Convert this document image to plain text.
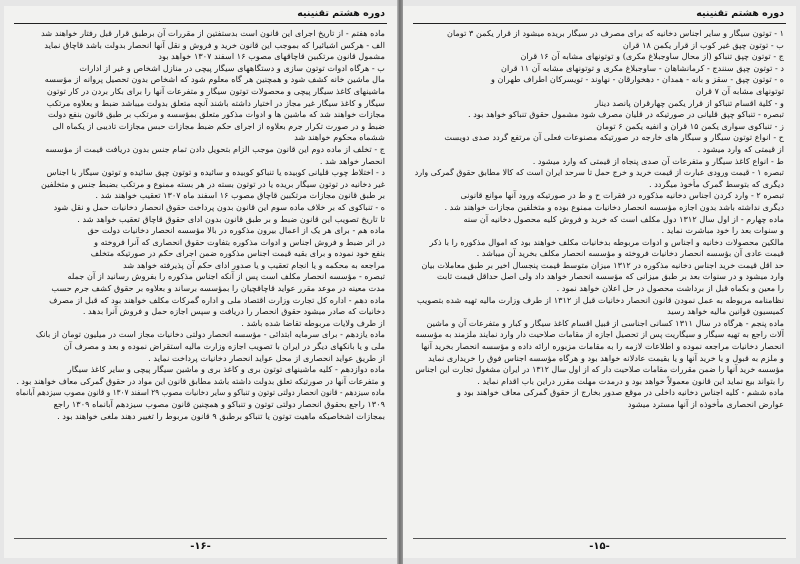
دوره هشتم تقنینیه
ماده هفتم - از تاریخ اجرای این قانون است بدستفتین از مقررات آن برطبق قرار قبل رفتار خواهند شد
الف - هرکس اشیائیرا که بموجب این قانون خرید و فروش و نقل آنها انحصار بدولت باشد قاچاق نماید
مشمول قانون مرتکبین قاچاقهای مصوب ۱۶ اسفند ۱۳۰۷ خواهد بود
ب - هرگاه ادوات توتون سازی و دستگاههای سیگار پیچی در منازل اشخاص و غیر از ادارات
مال ماشین خانه کشف شود و همچنین هر گاه معلوم شود که اشخاص بدون تحصیل پروانه از مؤسسه
ماشینهای کاغذ سیگار پیچی و محصولات توتون سیگار و متفرعات آنها را برای بکار بردن در کار توتون
سیگار و کاغذ سیگار غیر مجاز در اختیار داشته باشند آنچه متعلق بدولت میباشد ضبط و بعلاوه مرتکب
مجازات خواهند شد که ماشین ها و ادوات مذکور متعلق بمؤسسه و مرتکب بر طبق قانون بنفع دولت
ضبط و در صورت تکرار جرم بعلاوه از اجرای حکم ضبط مجازات حبس مجازات تادیبی از یکماه الی
ششماه محکوم خواهند شد
ج - تخلف از ماده دوم این قانون موجب الزام بتحویل دادن تمام جنس بدون دریافت قیمت از مؤسسه
انحصار خواهد شد .
د - اختلاط چوب قلیانی کوبیده یا تنباکو کوبیده و سائیده و توتون چپق سائیده و توتون سیگار با اجناس
غیر دخانیه در توتون سیگار بریده یا در توتون بسته در هر بسته ممنوع و مرتکب بضبط جنس و متخلفین
بر طبق قانون مجازات مرتکبین قاچاق مصوب ۱۶ اسفند ماه ۱۳۰۷ تعقیب خواهند شد .
ه - تنباکوی که بر خلاف ماده سوم این قانون بدون پرداخت حقوق انحصار دخانیات حمل و نقل شود
تا تاریخ تصویب این قانون ضبط و بر طبق قانون بدون ادای حقوق قاچاق تعقیب خواهد شد .
ماده هم - برای هر یک از اعمال بیرون مذکوره در بالا مؤسسه انحصار دخانیات دولت حق
در اثر ضبط و فروش اجناس و ادوات مذکوره بتفاوت حقوق انحصاری که آنرا فروخته و
بنفع خود نموده و برای بقیه قیمت اجناس مذکوره ضمن اجرای حکم در صورتیکه متخلف
مراجعه به محکمه و یا انجام تعقیب و یا صدور ادای حکم آن پذیرفته خواهد شد
تبصره - مؤسسه انحصار مکلف است پس از آنکه اجناس مذکوره را بفروش رسانید از آن جمله
مدت معینه در موعد مقرر عواید قاچاقچیان را بمؤسسه برساند و بعلاوه بر حقوق کشف جرم حسب
ماده دهم - اداره کل تجارت وزارت اقتصاد ملی و اداره گمرکات مکلف خواهند بود که قبل از مصرف
دخانیات که صادر میشود حقوق انحصار را دریافت و سپس اجازه حمل و فروش آنرا بدهد .
از طرف ولایات مربوطه تقاضا شده باشد .
ماده یازدهم - برای سرمایه ابتدائی - مؤسسه انحصار دولتی دخانیات مجاز است در میلیون تومان از بانک
ملی و یا بانکهای دیگر در ایران با تصویب اجازه وزارت مالیه استقراض نموده و بعد و مصرف آن
از طریق عواید انحصاری از محل عواید انحصار دخانیات پرداخت نماید .
ماده دوازدهم - کلیه ماشینهای توتون بری و کاغذ بری و ماشین سیگار پیچی و سایر کاغذ سیگار
و متفرعات آنها در صورتیکه تعلق بدولت داشته باشد مطابق قانون این مواد در حقوق گمرکی معاف خواهند بود .
ماده سیزدهم - قانون انحصار دولتی توتون و تنباکو و سایر دخانیات مصوب ۲۹ اسفند ۱۳۰۷ و قانون مصوب سیزدهم آبانماه
۱۳۰۹ راجع بحقوق انحصار دولتی توتون و تنباکو و همچنین قانون مصوب سیزدهم آبانماه ۱۳۰۹ راجع
بمجازات اشخاصیکه ماهیت توتون یا تنباکو برطبق ۹ قانون مربوط را تغییر دهند ملغی خواهند بود .
-۱۶-
دوره هشتم تقنینیه
۱ - توتون سیگار و سایر اجناس دخانیه که برای مصرف در سیگار بریده میشود از قرار یکمن ۳ تومان
ب - توتون چپق غیر کوب از قرار یکمن ۱۸ قران
ج - توتون چپق تنباکو (از محال ساوجبلاغ مکری) و توتونهای مشابه آن ۱۶ قران
د - توتون چپق سنندج - کرمانشاهان - ساوجبلاغ مکری و توتونهای مشابه آن ۱۱ قران
ه - توتون چپق - سقز و بانه - همدان - دهخوارقان - نهاوند - تویسرکان اطراف طهران و
توتونهای مشابه آن ۷ قران
و - کلیة اقسام تنباکو از قرار یکمن چهارقران پانصد دینار
تبصره - تنباکو چپق قلیانی در صورتیکه در قلیان مصرف شود مشمول حقوق تنباکو خواهد بود .
ز - تنباکوی سواری یکمن ۱۵ قران و انفیه یکمن ۶ تومان
ح - انواع توتون سیگار و سیگار های خارجه در صورتیکه مصنوعات فعلی آن مرتفع گردد صدی دویست
از قیمتی که وارد میشود .
ط - انواع کاغذ سیگار و متفرعات آن صدی پنجاه از قیمتی که وارد میشود .
تبصره ۱ - قیمت ورودی عبارت از قیمت خرید و خرج حمل تا سرحد ایران است که کالا مطابق حقوق گمرکی وارد
دیگری که بتوسط گمرک مأخوذ میگردد .
تبصره ۲ - وارد کردن اجناس دخانیه مذکوره در فقرات ح و ط در صورتیکه ورود آنها موانع قانونی
دیگری نداشته باشد بدون اجازه مؤسسه انحصار دخانیات ممنوع بوده و متخلفین مجازات خواهند شد .
ماده چهارم - از اول سال ۱۳۱۲ دول مکلف است که خرید و فروش کلیه محصول دخانیه آن سنه
و سنوات بعد را خود مباشرت نماید .
مالکین محصولات دخانیه و اجناس و ادوات مربوطه بدخانیات مکلف خواهند بود که اموال مذکوره را با ذکر
قیمت عادی آن بؤسسه انحصار دخانیات فروخته و مؤسسه انحصار مکلف بخرید آن میباشد .
حد اقل قیمت خرید اجناس دخانیه مذکوره در ۱۳۱۲ میزان متوسط قیمت پنجسال اخیر بر طبق معاملات بیان
وارد میشود و در سنوات بعد بر طبق میزانی که مؤسسه انحصار خواهد داد ولی اصل حداقل قیمت ثابت
را معین و بکماه قبل از برداشت محصول در حل اعلان خواهد نمود .
نظامنامه مربوطه به عمل نمودن قانون انحصار دخانیات قبل از ۱۳۱۲ از طرف وزارت مالیه تهیه شده بتصویب
کمیسیون قوانین مالیه خواهد رسید
ماده پنجم - هرگاه در سال ۱۳۱۱ کسانی اجناسی از قبیل اقسام کاغذ سیگار و کبار و متفرعات آن و ماشین
آلات راجع به تهیه سیگار و سیگاریت پس از تحصیل اجازه از مقامات صلاحیت دار وارد نمایند ملزمند به مؤسسه
انحصار دخانیات مراجعه نموده و اطلاعات لازمه را به مقامات مزبوره ارائه داده و مؤسسه انحصار بخرید آنها
و ملزم به قبول و یا خرید آنها و یا بقیمت عادلانه خواهد بود و هرگاه مؤسسه اجناس فوق را خریداری نماید
مؤسسه خرید آنها را ضمن مقررات مقامات صلاحیت دار که از اول سال ۱۳۱۲ در ایران مشغول تجارت این اجناس
را بتواند بیع نماید این قانون معمولاً خواهد بود و درمدت مهلت مقرر دراین باب اقدام نماید .
ماده ششم - کلیه اجناس دخانیه داخلی در موقع صدور بخارج از حقوق گمرکی معاف خواهند بود و
عوارض انحصاری مأخوذه از آنها مسترد میشود
-۱۵-
